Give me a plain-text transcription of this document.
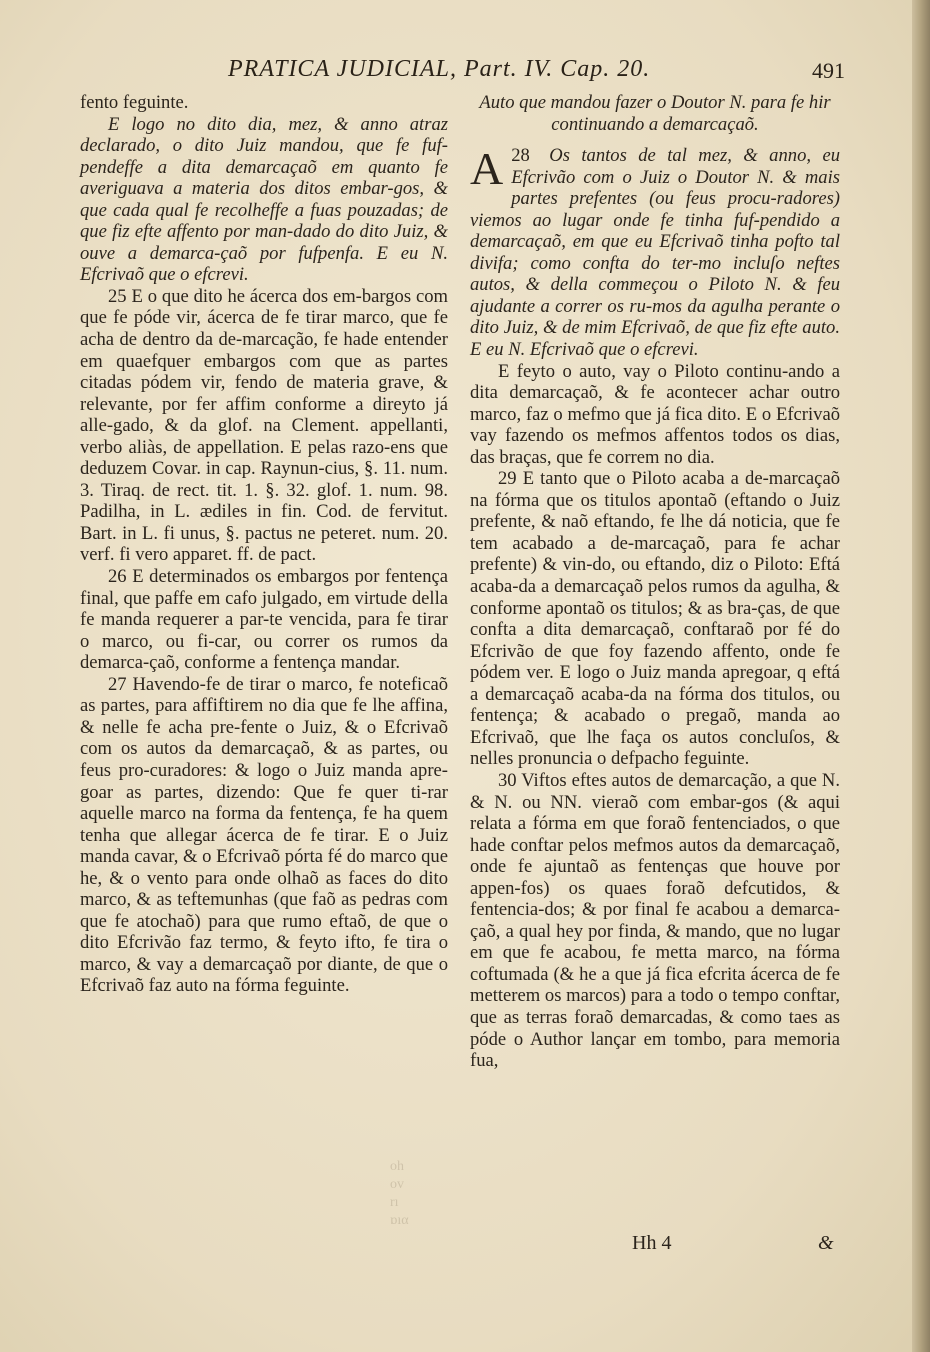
PRATICA JUDICIAL, Part. IV. Cap. 20.	491

fento feguinte.

E logo no dito dia, mez, & anno atraz declarado, o dito Juiz mandou, que fe fuf-pendeffe a dita demarcaçaõ em quanto fe averiguava a materia dos ditos embar-gos, & que cada qual fe recolheffe a fuas pouzadas; de que fiz efte affento por man-dado do dito Juiz, & ouve a demarca-çaõ por fufpenfa. E eu N. Efcrivaõ que o efcrevi.

25 E o que dito he ácerca dos em-bargos com que fe póde vir, ácerca de fe tirar marco, que fe acha de dentro da de-marcação, fe hade entender em quaefquer embargos com que as partes citadas pódem vir, fendo de materia grave, & relevante, por fer affim conforme a direyto já alle-gado, & da glof. na Clement. appellanti, verbo aliàs, de appellation. E pelas razo-ens que deduzem Covar. in cap. Raynun-cius, §. 11. num. 3. Tiraq. de rect. tit. 1. §. 32. glof. 1. num. 98. Padilha, in L. ædiles in fin. Cod. de fervitut. Bart. in L. fi unus, §. pactus ne peteret. num. 20. verf. fi vero apparet. ff. de pact.

26 E determinados os embargos por fentença final, que paffe em cafo julgado, em virtude della fe manda requerer a par-te vencida, para fe tirar o marco, ou fi-car, ou correr os rumos da demarca-çaõ, conforme a fentença mandar.

27 Havendo-fe de tirar o marco, fe noteficaõ as partes, para affiftirem no dia que fe lhe affina, & nelle fe acha pre-fente o Juiz, & o Efcrivaõ com os autos da demarcaçaõ, & as partes, ou feus pro-curadores: & logo o Juiz manda apre-goar as partes, dizendo: Que fe quer ti-rar aquelle marco na forma da fentença, fe ha quem tenha que allegar ácerca de fe tirar. E o Juiz manda cavar, & o Efcrivaõ pórta fé do marco que he, & o vento para onde olhaõ as faces do dito marco, & as teftemunhas (que faõ as pedras com que fe atochaõ) para que rumo eftaõ, de que o dito Efcrivão faz termo, & feyto ifto, fe tira o marco, & vay a demarcaçaõ por diante, de que o Efcrivaõ faz auto na fórma feguinte.

Auto que mandou fazer o Doutor N. para fe hir continuando a demarcaçaõ.

28
A Os tantos de tal mez, & anno, eu Efcrivão com o Juiz o Doutor N. & mais partes prefentes (ou feus procu-radores) viemos ao lugar onde fe tinha fuf-pendido a demarcaçaõ, em que eu Efcrivaõ tinha pofto tal divifa; como confta do ter-mo incluſo neftes autos, & della commeçou o Piloto N. & feu ajudante a correr os ru-mos da agulha perante o dito Juiz, & de mim Efcrivaõ, de que fiz efte auto. E eu N. Efcrivaõ que o efcrevi.

E feyto o auto, vay o Piloto continu-ando a dita demarcaçaõ, & fe acontecer achar outro marco, faz o mefmo que já fica dito. E o Efcrivaõ vay fazendo os mefmos affentos todos os dias, das braças, que fe correm no dia.

29 E tanto que o Piloto acaba a de-marcaçaõ na fórma que os titulos apontaõ (eftando o Juiz prefente, & naõ eftando, fe lhe dá noticia, que fe tem acabado a de-marcaçaõ, para fe achar prefente) & vin-do, ou eftando, diz o Piloto: Eftá acaba-da a demarcaçaõ pelos rumos da agulha, & conforme apontaõ os titulos; & as bra-ças, de que confta a dita demarcaçaõ, conftaraõ por fé do Efcrivão de que foy fazendo affento, onde fe pódem ver. E logo o Juiz manda apregoar, q eftá a demarcaçaõ acaba-da na fórma dos titulos, ou fentença; & acabado o pregaõ, manda ao Efcrivaõ, que lhe faça os autos concluſos, & nelles pronuncia o defpacho feguinte.

30 Viftos eftes autos de demarcação, a que N. & N. ou NN. vieraõ com embar-gos (& aqui relata a fórma em que foraõ fentenciados, o que hade conftar pelos mefmos autos da demarcaçaõ, onde fe ajuntaõ as fentenças que houve por appen-fos) os quaes foraõ defcutidos, & fentencia-dos; & por final fe acabou a demarca-çaõ, a qual hey por finda, & mando, que no lugar em que fe acabou, fe metta marco, na fórma coftumada (& he a que já fica efcrita ácerca de fe metterem os marcos) para a todo o tempo conftar, que as terras foraõ demarcadas, & como taes as póde o Author lançar em tombo, para memoria fua,

oh
ov
rı
ɒıα
Hh 4	&
